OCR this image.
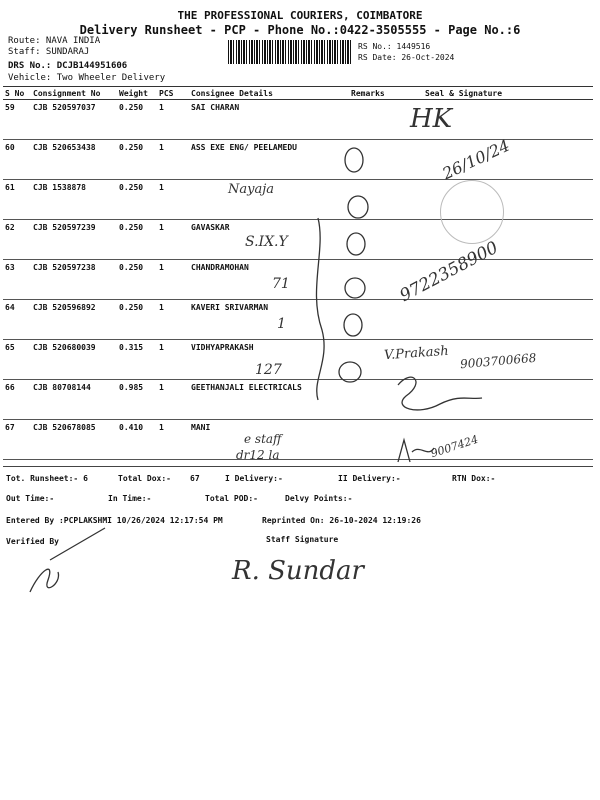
THE PROFESSIONAL COURIERS, COIMBATORE
Delivery Runsheet - PCP - Phone No.:0422-3505555 - Page No.:6
Route: NAVA INDIA
Staff: SUNDARAJ
DRS No.: DCJB144951606
Vehicle: Two Wheeler Delivery
RS No.: 1449516
RS Date: 26-Oct-2024
S No	Consignment No	Weight	PCS	Consignee Details	Remarks	Seal & Signature
59	CJB 520597037	0.250	1	SAI CHARAN		
60	CJB 520653438	0.250	1	ASS EXE ENG/ PEELAMEDU		
61	CJB 1538878	0.250	1			
62	CJB 520597239	0.250	1	GAVASKAR		
63	CJB 520597238	0.250	1	CHANDRAMOHAN		
64	CJB 520596892	0.250	1	KAVERI SRIVARMAN		
65	CJB 520680039	0.315	1	VIDHYAPRAKASH		
66	CJB 80708144	0.985	1	GEETHANJALI ELECTRICALS		
67	CJB 520678085	0.410	1	MANI		
Tot. Runsheet:- 6	Total Dox:- 67	I Delivery:-	II Delivery:-	RTN Dox:-
Out Time:-	In Time:-	Total POD:-	Delvy Points:-
Entered By :PCPLAKSHMI 10/26/2024 12:17:54 PM	Reprinted On: 26-10-2024 12:19:26
Verified By	Staff Signature
HK
26/10/24
Nayaja
S.IX.Y
71
1
127
9722358900
V.Prakash 9003700668
e staff
dr12 la	9007424
R. Sundar
